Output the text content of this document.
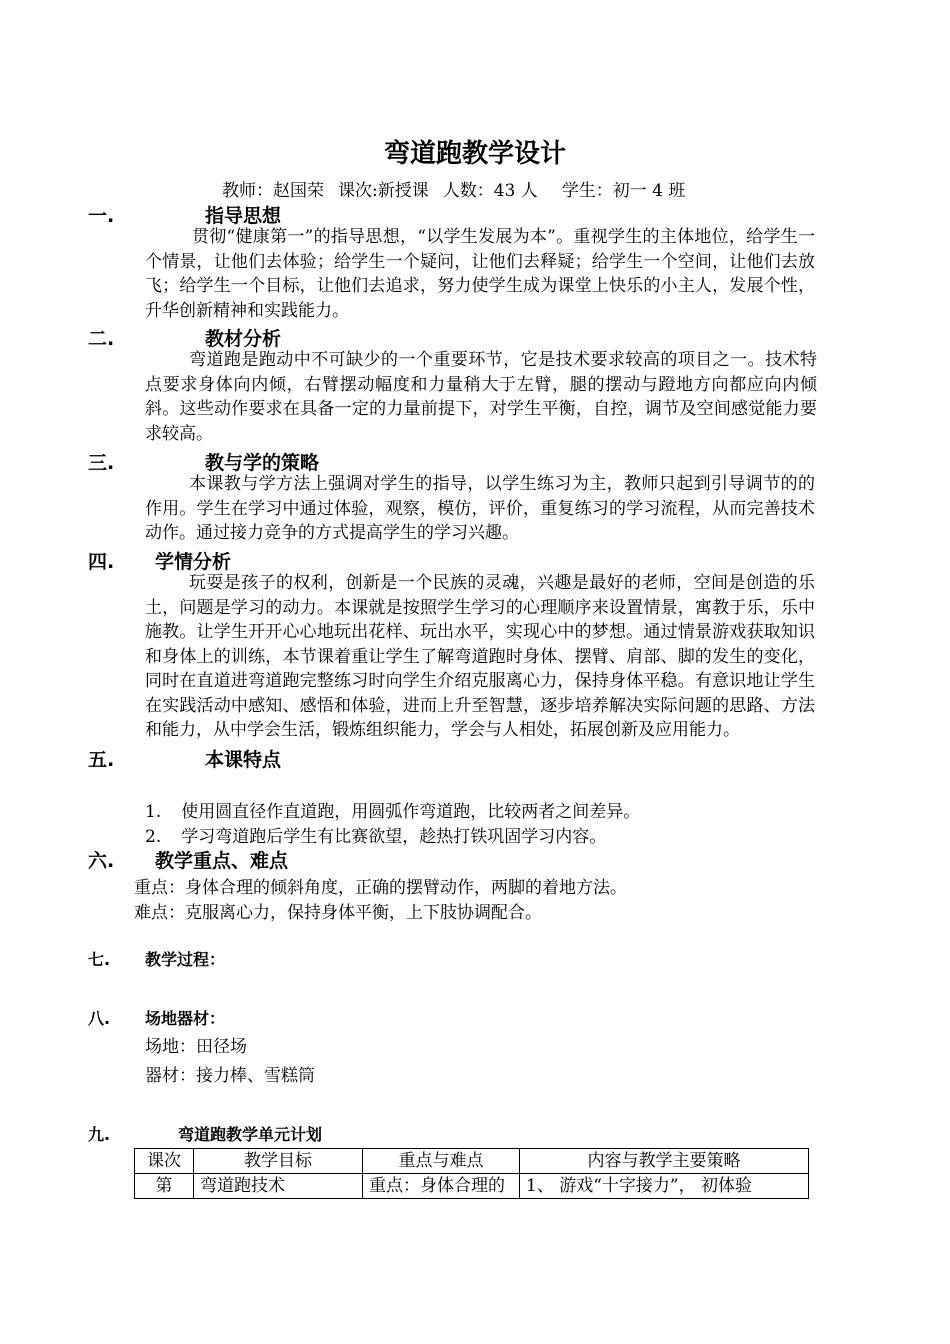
弯道跑教学设计
教师：赵国荣 课次:新授课 人数：43 人 学生：初一 4 班
一.	指导思想

贯彻“健康第一”的指导思想，“以学生发展为本”。重视学生的主体地位，给学生一个情景，让他们去体验；给学生一个疑问，让他们去释疑；给学生一个空间，让他们去放飞；给学生一个目标，让他们去追求，努力使学生成为课堂上快乐的小主人，发展个性，升华创新精神和实践能力。

二.	教材分析

弯道跑是跑动中不可缺少的一个重要环节，它是技术要求较高的项目之一。技术特点要求身体向内倾，右臂摆动幅度和力量稍大于左臂，腿的摆动与蹬地方向都应向内倾斜。这些动作要求在具备一定的力量前提下，对学生平衡，自控，调节及空间感觉能力要求较高。

三.	教与学的策略

本课教与学方法上强调对学生的指导，以学生练习为主，教师只起到引导调节的的作用。学生在学习中通过体验，观察，模仿，评价，重复练习的学习流程，从而完善技术动作。通过接力竞争的方式提高学生的学习兴趣。

四. 学情分析

玩耍是孩子的权利，创新是一个民族的灵魂，兴趣是最好的老师，空间是创造的乐土，问题是学习的动力。本课就是按照学生学习的心理顺序来设置情景，寓教于乐，乐中施教。让学生开开心心地玩出花样、玩出水平，实现心中的梦想。通过情景游戏获取知识和身体上的训练，本节课着重让学生了解弯道跑时身体、摆臂、肩部、脚的发生的变化，同时在直道进弯道跑完整练习时向学生介绍克服离心力，保持身体平稳。有意识地让学生在实践活动中感知、感悟和体验，进而上升至智慧，逐步培养解决实际问题的思路、方法和能力，从中学会生活，锻炼组织能力，学会与人相处，拓展创新及应用能力。

五.	本课特点
1. 使用圆直径作直道跑，用圆弧作弯道跑，比较两者之间差异。
2. 学习弯道跑后学生有比赛欲望，趁热打铁巩固学习内容。
六. 教学重点、难点
重点：身体合理的倾斜角度，正确的摆臂动作，两脚的着地方法。
难点：克服离心力，保持身体平衡，上下肢协调配合。
七. 教学过程：
八. 场地器材：
场地：田径场
器材：接力棒、雪糕筒
九.	弯道跑教学单元计划
课次	教学目标	重点与难点	内容与教学主要策略
第	弯道跑技术	重点：身体合理的	1、 游戏“十字接力”， 初体验
